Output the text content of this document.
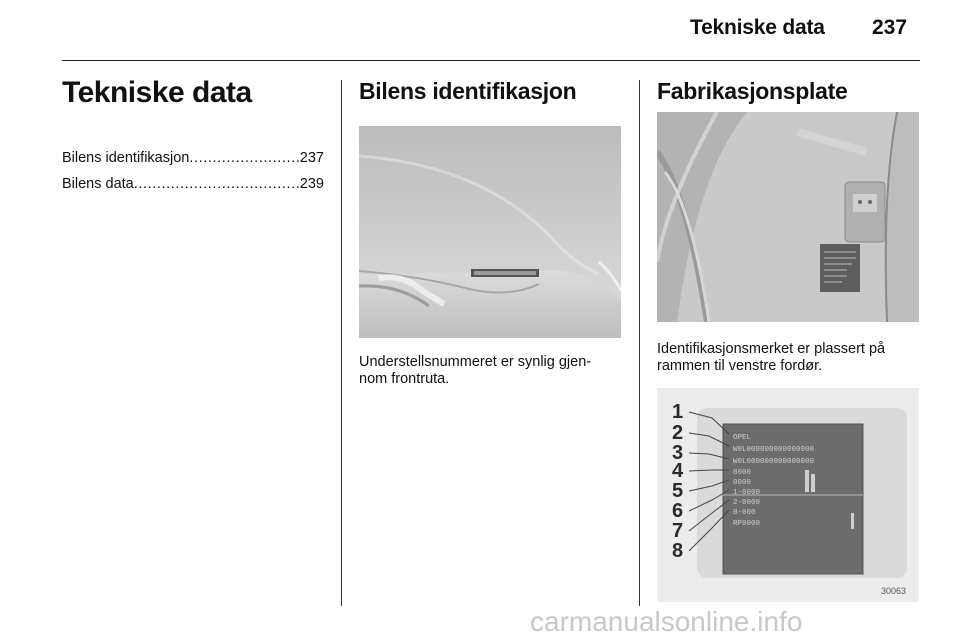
Tekniske data 237
Tekniske data
Bilens identifikasjon .....	237
Bilens data .....	239
Bilens identifikasjon

Understellsnummeret er synlig gjen-
nom frontruta.

Fabrikasjonsplate

Identifikasjonsmerket er plassert på
rammen til venstre fordør.

OPEL
W0L000000000000000
W0L000000000000000
0000
0000
1-0000
2-0000
0-000
RP0000
1
2
3
4
5
6
7
8
30063
carmanualsonline.info
